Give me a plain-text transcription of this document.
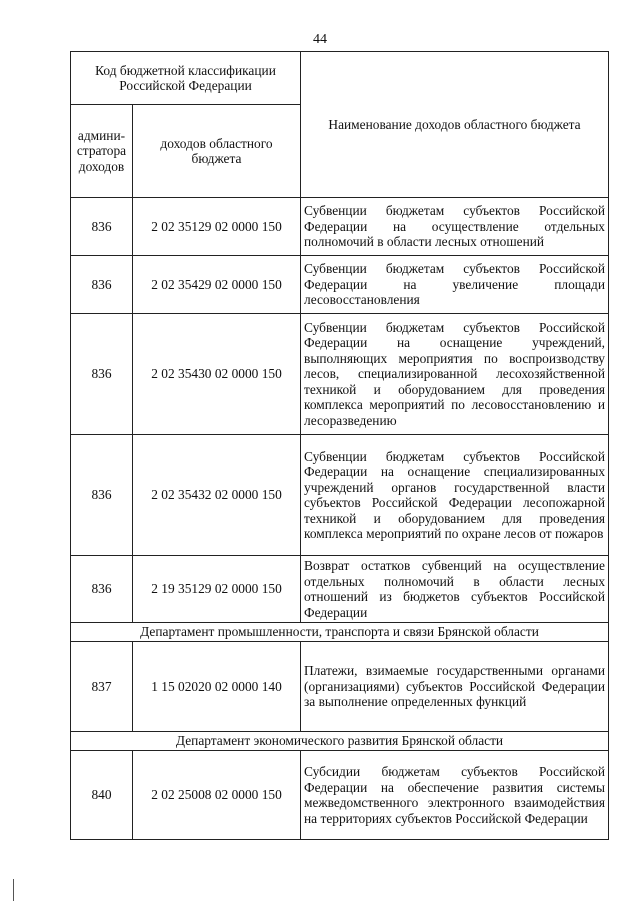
44
Код бюджетной классификации Российской Федерации		Наименование доходов областного бюджета
админи-стратора доходов	доходов областного бюджета	
836	2 02 35129 02 0000 150	Субвенции бюджетам субъектов Российской Федерации на осуществление отдельных полномочий в области лесных отношений
836	2 02 35429 02 0000 150	Субвенции бюджетам субъектов Российской Федерации на увеличение площади лесовосстановления
836	2 02 35430 02 0000 150	Субвенции бюджетам субъектов Российской Федерации на оснащение учреждений, выполняющих мероприятия по воспроизводству лесов, специализированной лесохозяйственной техникой и оборудованием для проведения комплекса мероприятий по лесовосстановлению и лесоразведению
836	2 02 35432 02 0000 150	Субвенции бюджетам субъектов Российской Федерации на оснащение специализированных учреждений органов государственной власти субъектов Российской Федерации лесопожарной техникой и оборудованием для проведения комплекса мероприятий по охране лесов от пожаров
836	2 19 35129 02 0000 150	Возврат остатков субвенций на осуществление отдельных полномочий в области лесных отношений из бюджетов субъектов Российской Федерации
Департамент промышленности, транспорта и связи Брянской области		
837	1 15 02020 02 0000 140	Платежи, взимаемые государственными органами (организациями) субъектов Российской Федерации за выполнение определенных функций
Департамент экономического развития Брянской области		
840	2 02 25008 02 0000 150	Субсидии бюджетам субъектов Российской Федерации на обеспечение развития системы межведомственного электронного взаимодействия на территориях субъектов Российской Федерации
